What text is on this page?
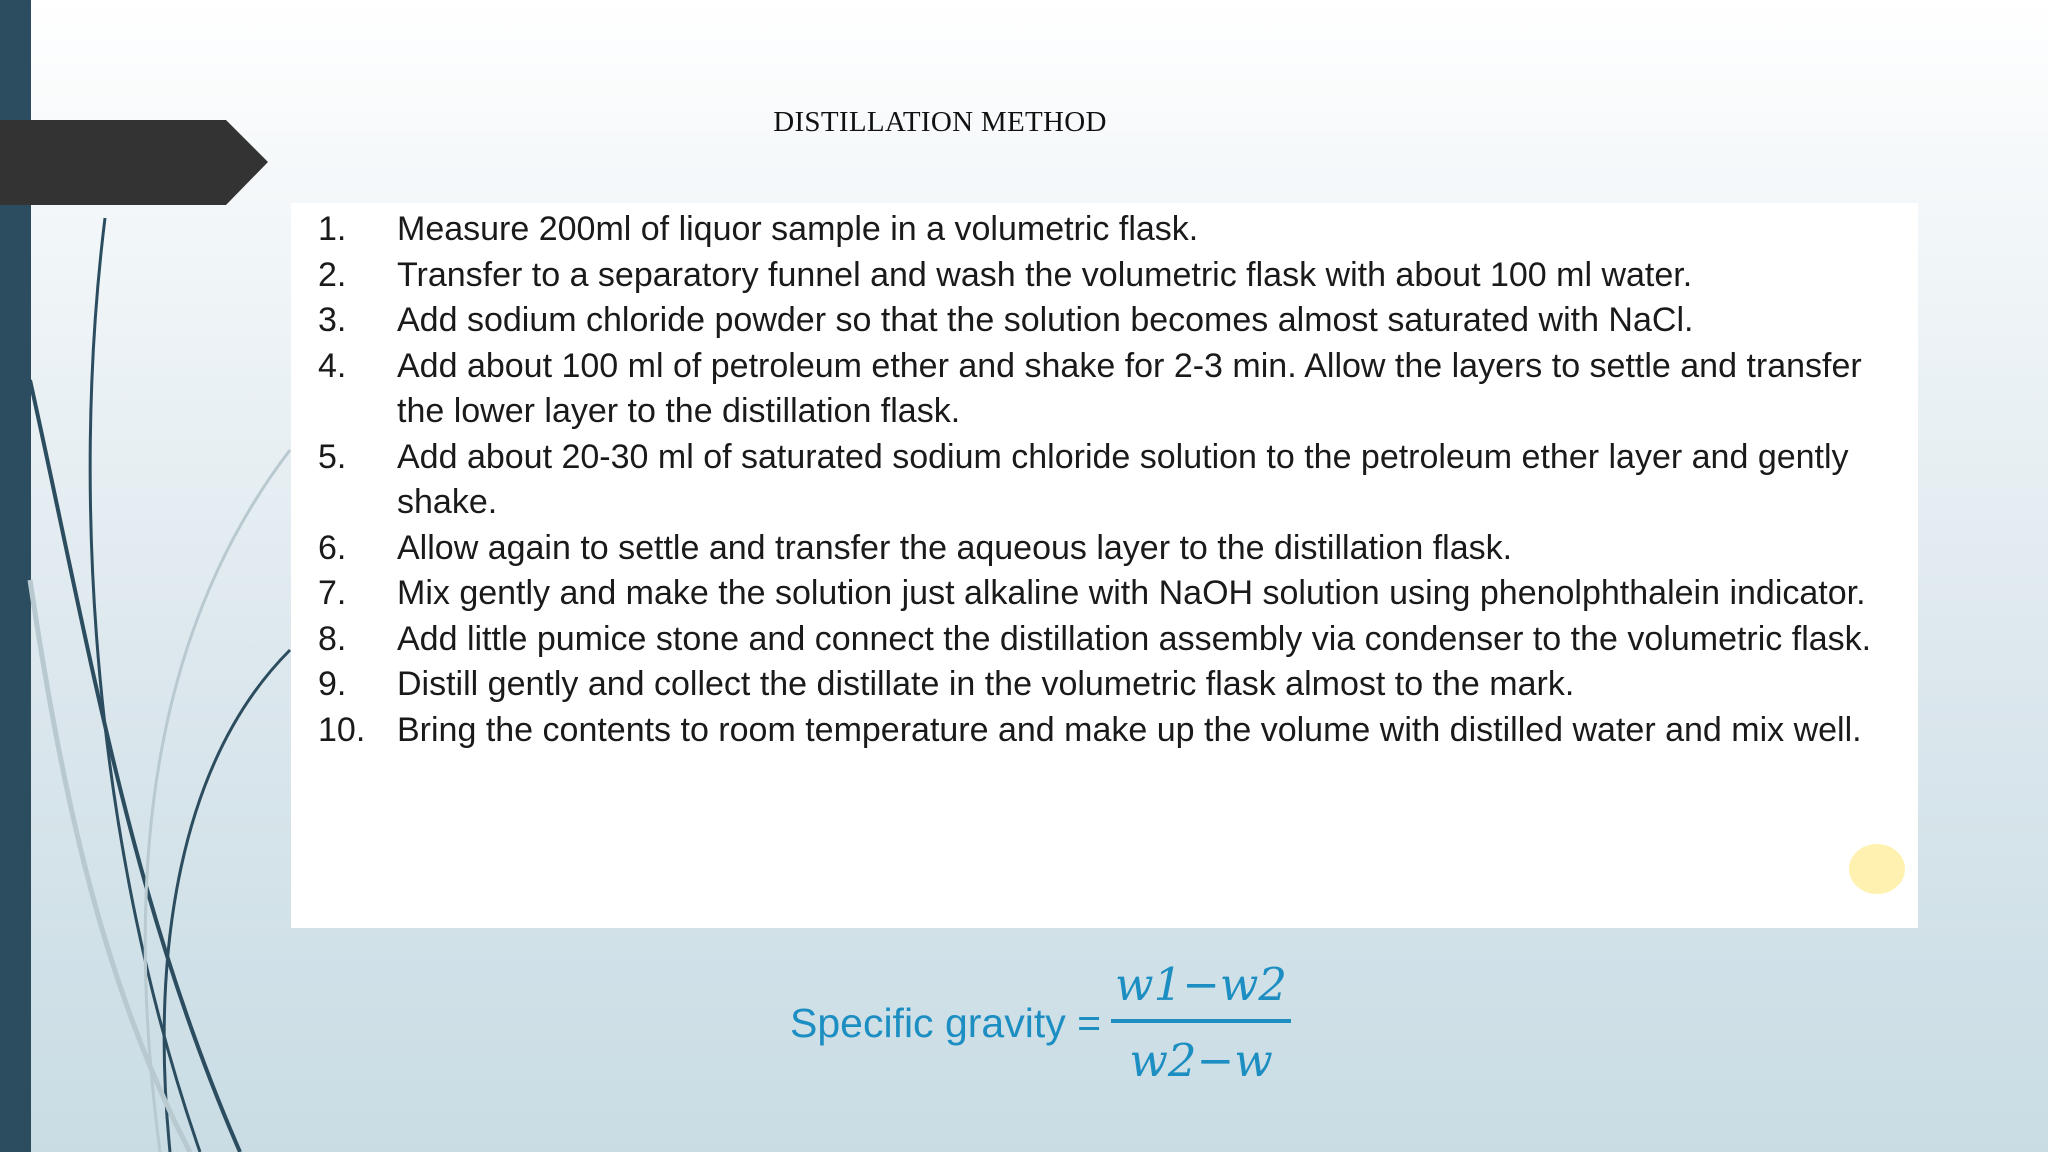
DISTILLATION METHOD
1.	Measure 200ml of liquor sample in a volumetric flask.
2.	Transfer to a separatory funnel and wash the volumetric flask with about 100 ml water.
3.	Add sodium chloride powder so that the solution becomes almost saturated with NaCl.
4.	Add about 100 ml of petroleum ether and shake for 2-3 min. Allow the layers to settle and transfer the lower layer to the distillation flask.
5.	Add about 20-30 ml of saturated sodium chloride solution to the petroleum ether layer and gently shake.
6.	Allow again to settle and transfer the aqueous layer to the distillation flask.
7.	Mix gently and make the solution just alkaline with NaOH solution using phenolphthalein indicator.
8.	Add little pumice stone and connect the distillation assembly via condenser to the volumetric flask.
9.	Distill gently and collect the distillate in the volumetric flask almost to the mark.
10. Bring the contents to room temperature and make up the volume with distilled water and mix well.
Specific gravity = $\frac{w1-w2}{w2-w}$
